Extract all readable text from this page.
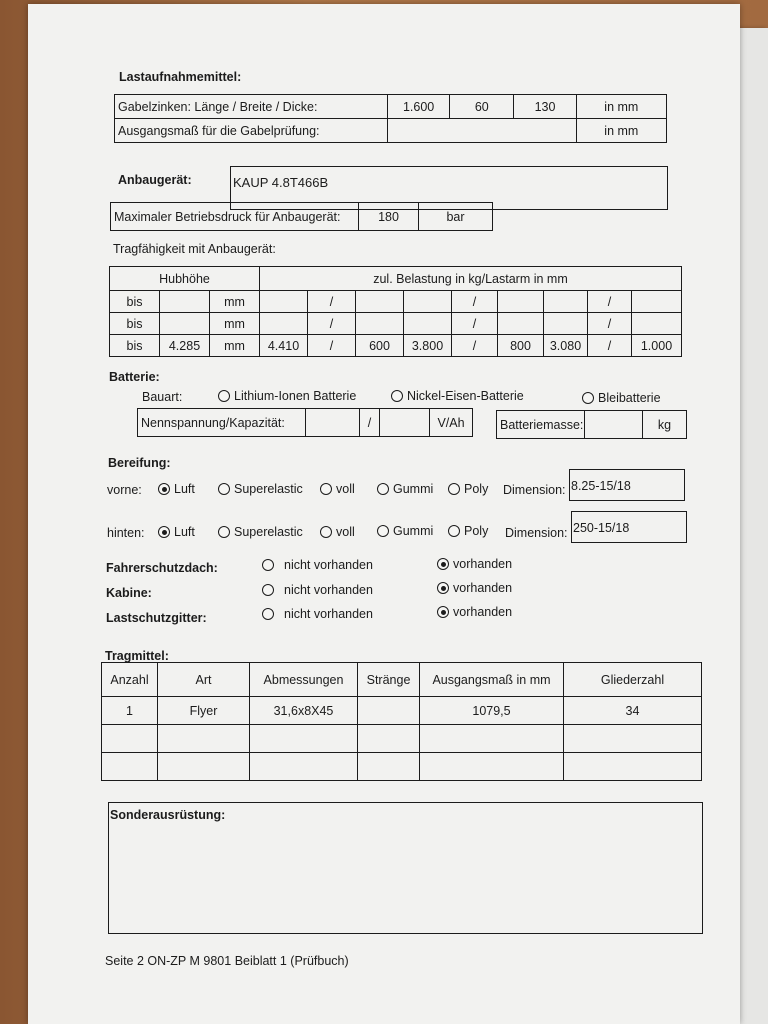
Lastaufnahmemittel:
Gabelzinken: Länge / Breite / Dicke:	1.600	60	130	in mm
Ausgangsmaß für die Gabelprüfung:				in mm
Anbaugerät:	KAUP 4.8T466B
Maximaler Betriebsdruck für Anbaugerät:	180	bar
Tragfähigkeit mit Anbaugerät:
Hubhöhe			zul. Belastung in kg/Lastarm in mm								
bis		mm		/			/			/	
bis		mm		/			/			/	
bis	4.285	mm	4.410	/	600	3.800	/	800	3.080	/	1.000
Batterie:
Bauart:	Lithium-Ionen Batterie	Nickel-Eisen-Batterie	Bleibatterie
Nennspannung/Kapazität:		/		V/Ah	Batteriemasse:		kg
Bereifung:
vorne:	Luft	Superelastic	voll	Gummi	Poly Dimension: 8.25-15/18
hinten:	Luft	Superelastic	voll	Gummi	Poly Dimension: 250-15/18
Fahrerschutzdach:	nicht vorhanden	vorhanden
Kabine:	nicht vorhanden	vorhanden
Lastschutzgitter:	nicht vorhanden	vorhanden
Tragmittel:
Anzahl	Art	Abmessungen	Stränge	Ausgangsmaß in mm	Gliederzahl
1	Flyer	31,6x8X45		1079,5	34

Sonderausrüstung:
Seite 2 ON-ZP M 9801 Beiblatt 1 (Prüfbuch)
